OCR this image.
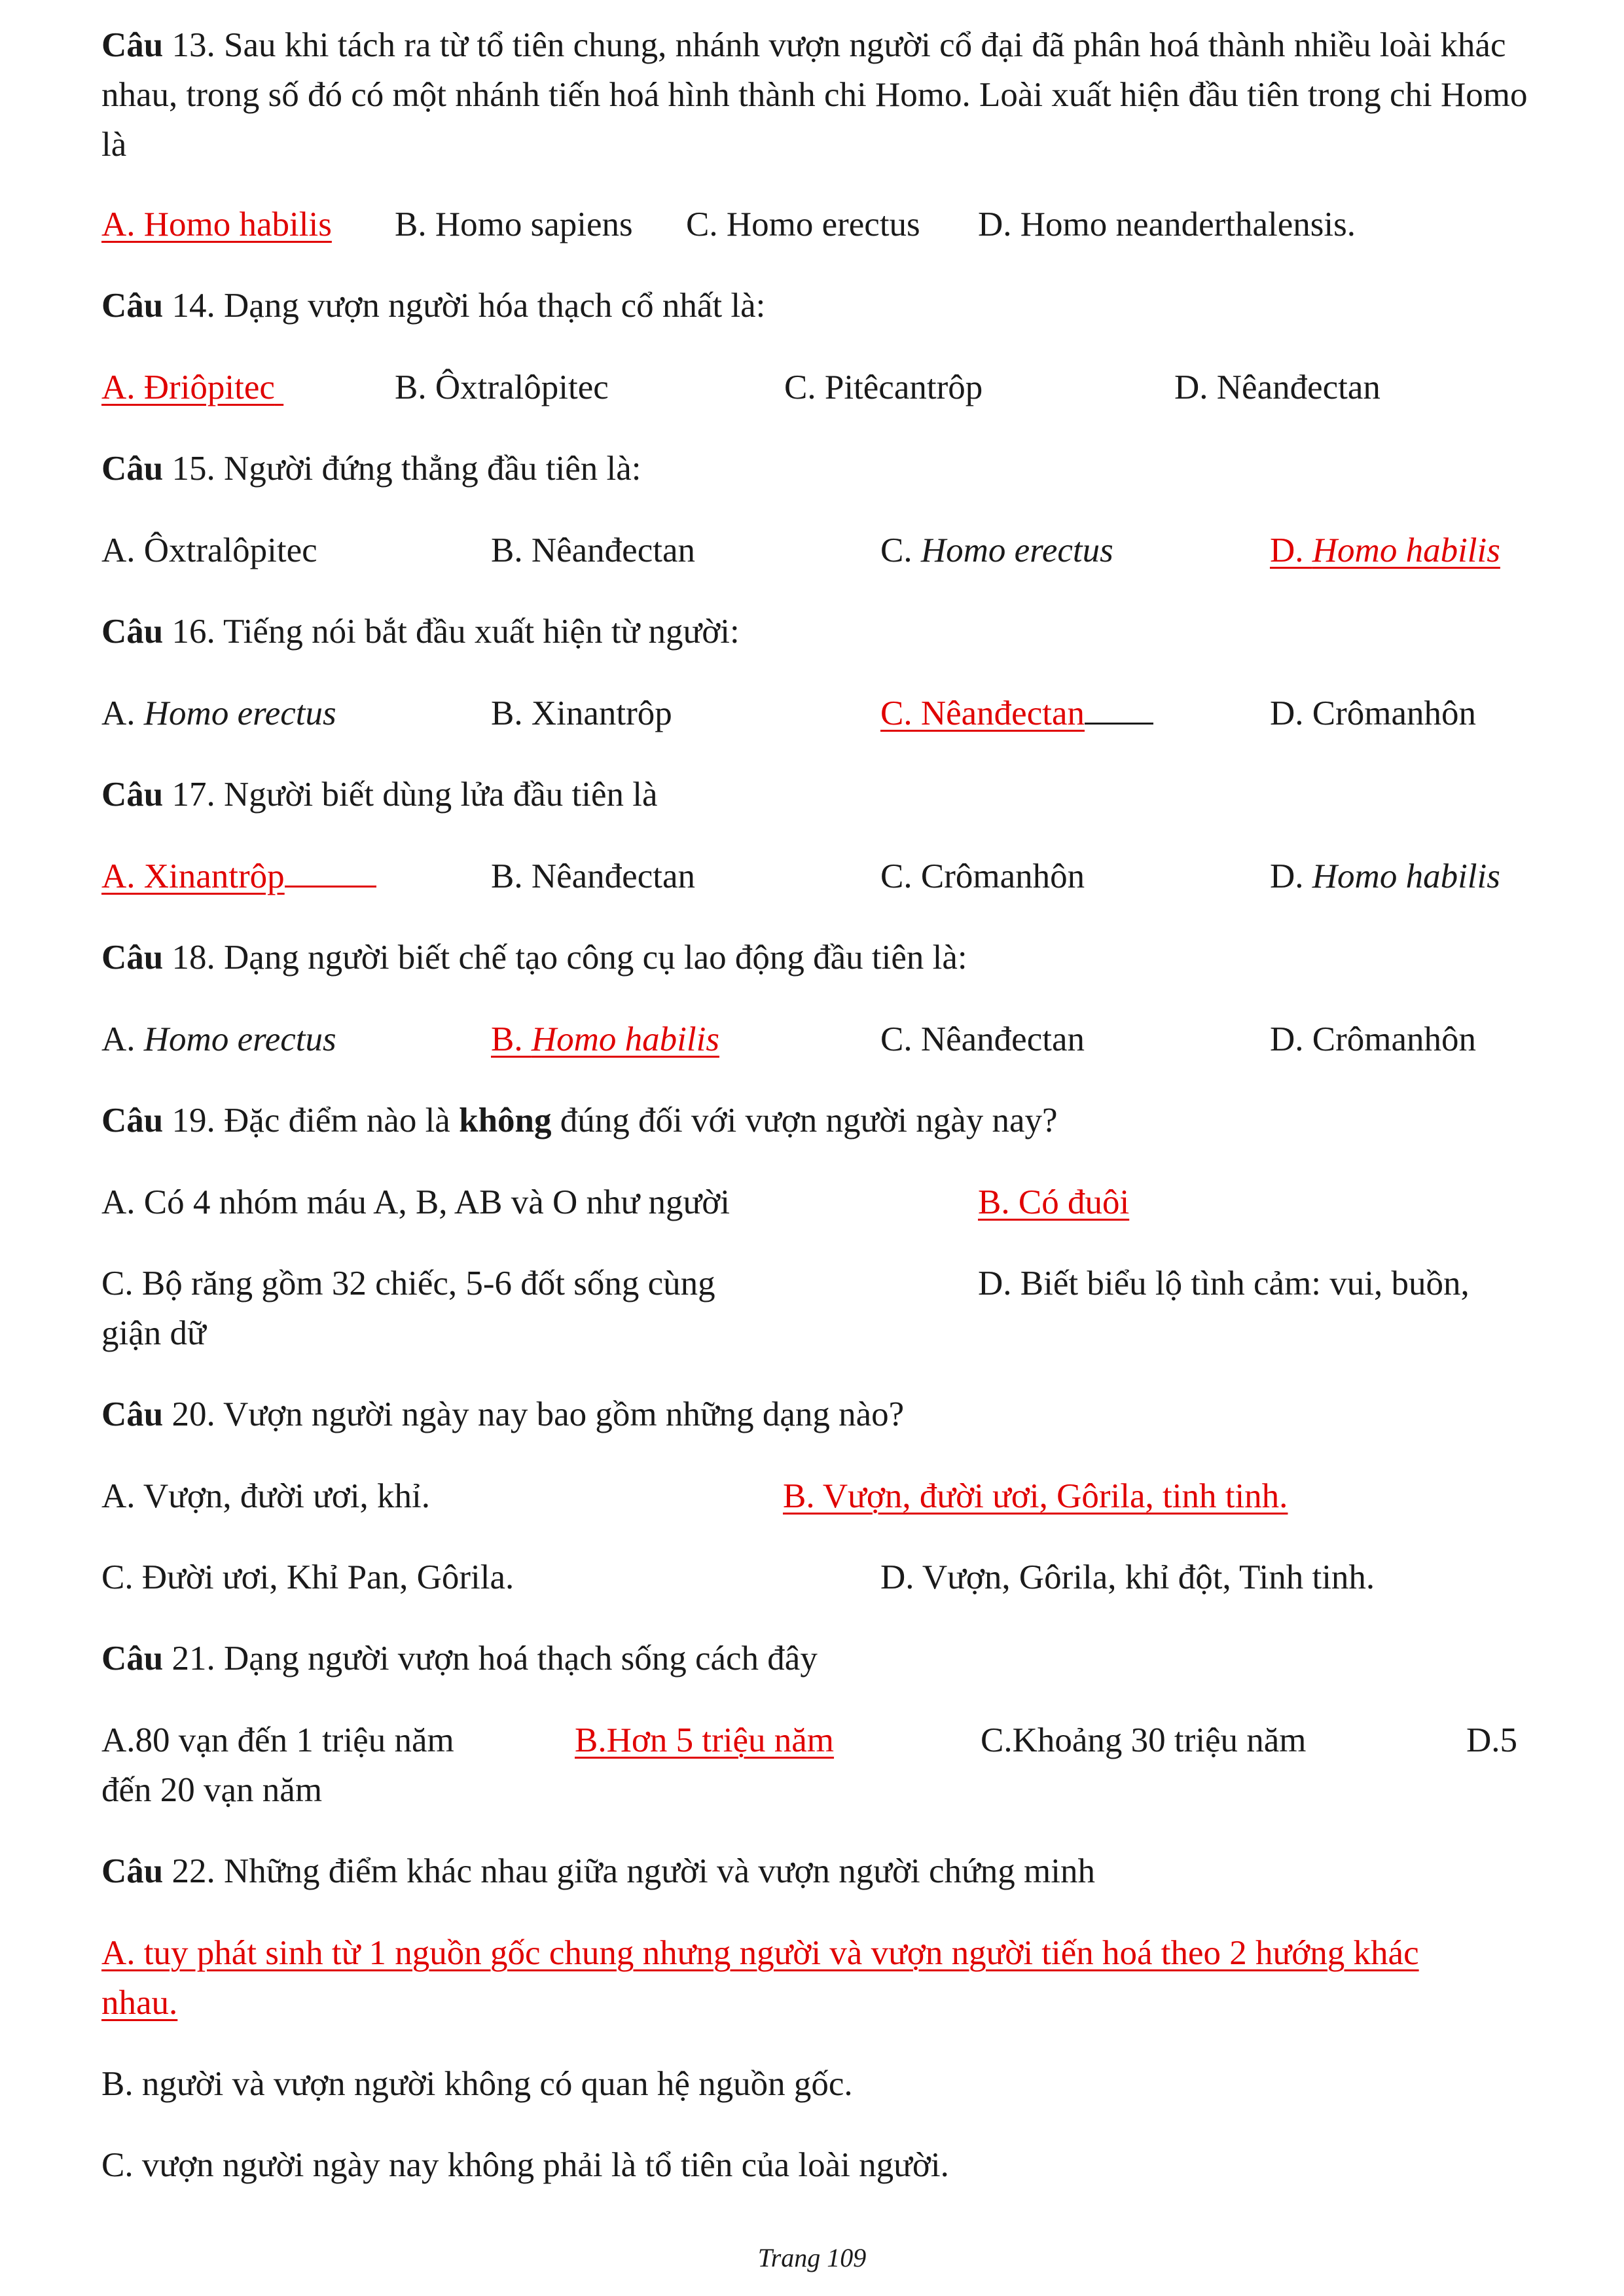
Câu 13. Sau khi tách ra từ tổ tiên chung, nhánh vượn người cổ đại đã phân hoá thành nhiều loài khác nhau, trong số đó có một nhánh tiến hoá hình thành chi Homo. Loài xuất hiện đầu tiên trong chi Homo là
A. Homo habilis B. Homo sapiens C. Homo erectus D. Homo neanderthalensis.
Câu 14. Dạng vượn người hóa thạch cổ nhất là:
A. Đriôpitec	B. Ôxtralôpitec	C. Pitêcantrôp	D. Nêanđectan
Câu 15. Người đứng thẳng đầu tiên là:
A. Ôxtralôpitec	B. Nêanđectan	C. Homo erectus	D. Homo habilis
Câu 16. Tiếng nói bắt đầu xuất hiện từ người:
A. Homo erectus	B. Xinantrôp	C. Nêanđectan	D. Crômanhôn
Câu 17. Người biết dùng lửa đầu tiên là
A. Xinantrôp	B. Nêanđectan	C. Crômanhôn	D. Homo habilis
Câu 18. Dạng người biết chế tạo công cụ lao động đầu tiên là:
A. Homo erectus	B. Homo habilis	C. Nêanđectan	D. Crômanhôn
Câu 19. Đặc điểm nào là không đúng đối với vượn người ngày nay?
A. Có 4 nhóm máu A, B, AB và O như người	B. Có đuôi
C. Bộ răng gồm 32 chiếc, 5-6 đốt sống cùng	D. Biết biểu lộ tình cảm: vui, buồn,
giận dữ
Câu 20. Vượn người ngày nay bao gồm những dạng nào?
A. Vượn, đười ươi, khỉ.	B. Vượn, đười ươi, Gôrila, tinh tinh.
C. Đười ươi, Khỉ Pan, Gôrila.	D. Vượn, Gôrila, khỉ đột, Tinh tinh.
Câu 21. Dạng người vượn hoá thạch sống cách đây
A.80 vạn đến 1 triệu năm	B.Hơn 5 triệu năm	C.Khoảng 30 triệu năm	D.5
đến 20 vạn năm
Câu 22. Những điểm khác nhau giữa người và vượn người chứng minh
A. tuy phát sinh từ 1 nguồn gốc chung nhưng người và vượn người tiến hoá theo 2 hướng khác
nhau.
B. người và vượn người không có quan hệ nguồn gốc.
C. vượn người ngày nay không phải là tổ tiên của loài người.
Trang 109
